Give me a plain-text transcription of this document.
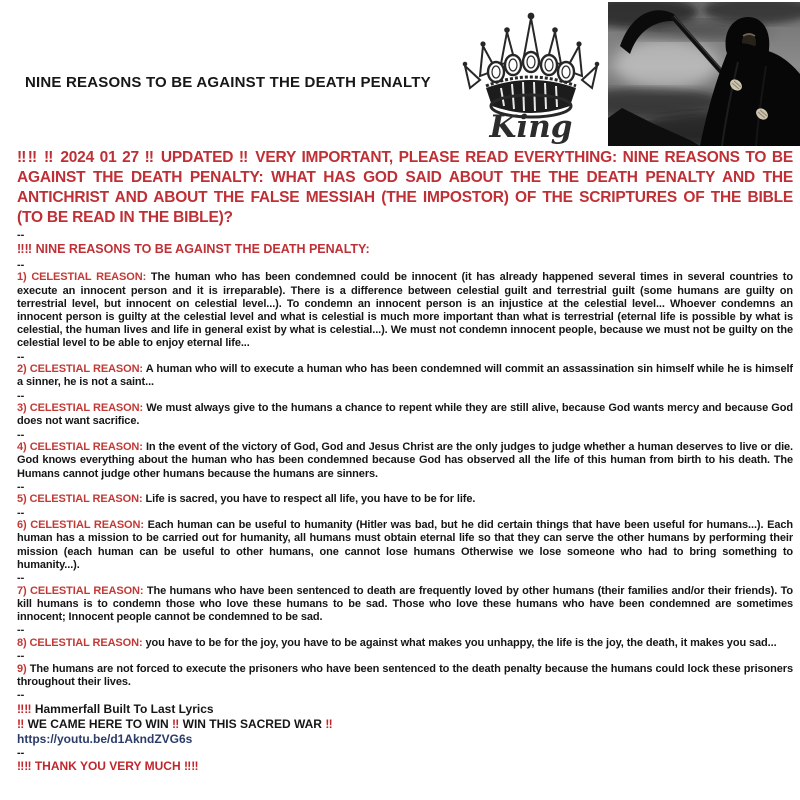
NINE REASONS TO BE AGAINST THE DEATH PENALTY
King
‼‼ ‼ 2024 01 27 ‼ UPDATED ‼ VERY IMPORTANT, PLEASE READ EVERYTHING: NINE REASONS TO BE AGAINST THE DEATH PENALTY: WHAT HAS GOD SAID ABOUT THE THE DEATH PENALTY AND THE ANTICHRIST AND ABOUT THE FALSE MESSIAH (THE IMPOSTOR) OF THE SCRIPTURES OF THE BIBLE (TO BE READ IN THE BIBLE)?
--
‼‼ NINE REASONS TO BE AGAINST THE DEATH PENALTY:
--
1) CELESTIAL REASON: The human who has been condemned could be innocent (it has already happened several times in several countries to execute an innocent person and it is irreparable). There is a difference between celestial guilt and terrestrial guilt (some humans are guilty on terrestrial level, but innocent on celestial level...). To condemn an innocent person is an injustice at the celestial level... Whoever condemns an innocent person is guilty at the celestial level and what is celestial is much more important than what is terrestrial (eternal life is possible by what is celestial, the human lives and life in general exist by what is celestial...). We must not condemn innocent people, because we must not be guilty on the celestial level to be able to enjoy eternal life...
--
2) CELESTIAL REASON: A human who will to execute a human who has been condemned will commit an assassination sin himself while he is himself a sinner, he is not a saint...
--
3) CELESTIAL REASON: We must always give to the humans a chance to repent while they are still alive, because God wants mercy and because God does not want sacrifice.
--
4) CELESTIAL REASON: In the event of the victory of God, God and Jesus Christ are the only judges to judge whether a human deserves to live or die. God knows everything about the human who has been condemned because God has observed all the life of this human from birth to his death. The Humans cannot judge other humans because the humans are sinners.
--
5) CELESTIAL REASON: Life is sacred, you have to respect all life, you have to be for life.
--
6) CELESTIAL REASON: Each human can be useful to humanity (Hitler was bad, but he did certain things that have been useful for humans...). Each human has a mission to be carried out for humanity, all humans must obtain eternal life so that they can serve the other humans by performing their mission (each human can be useful to other humans, one cannot lose humans Otherwise we lose someone who had to bring something to humanity...).
--
7) CELESTIAL REASON: The humans who have been sentenced to death are frequently loved by other humans (their families and/or their friends). To kill humans is to condemn those who love these humans to be sad. Those who love these humans who have been condemned are sometimes innocent; Innocent people cannot be condemned to be sad.
--
8) CELESTIAL REASON: you have to be for the joy, you have to be against what makes you unhappy, the life is the joy, the death, it makes you sad...
--
9) The humans are not forced to execute the prisoners who have been sentenced to the death penalty because the humans could lock these prisoners throughout their lives.
--
‼‼ Hammerfall Built To Last Lyrics
‼ WE CAME HERE TO WIN ‼ WIN THIS SACRED WAR ‼
https://youtu.be/d1AkndZVG6s
--
‼‼ THANK YOU VERY MUCH ‼‼
